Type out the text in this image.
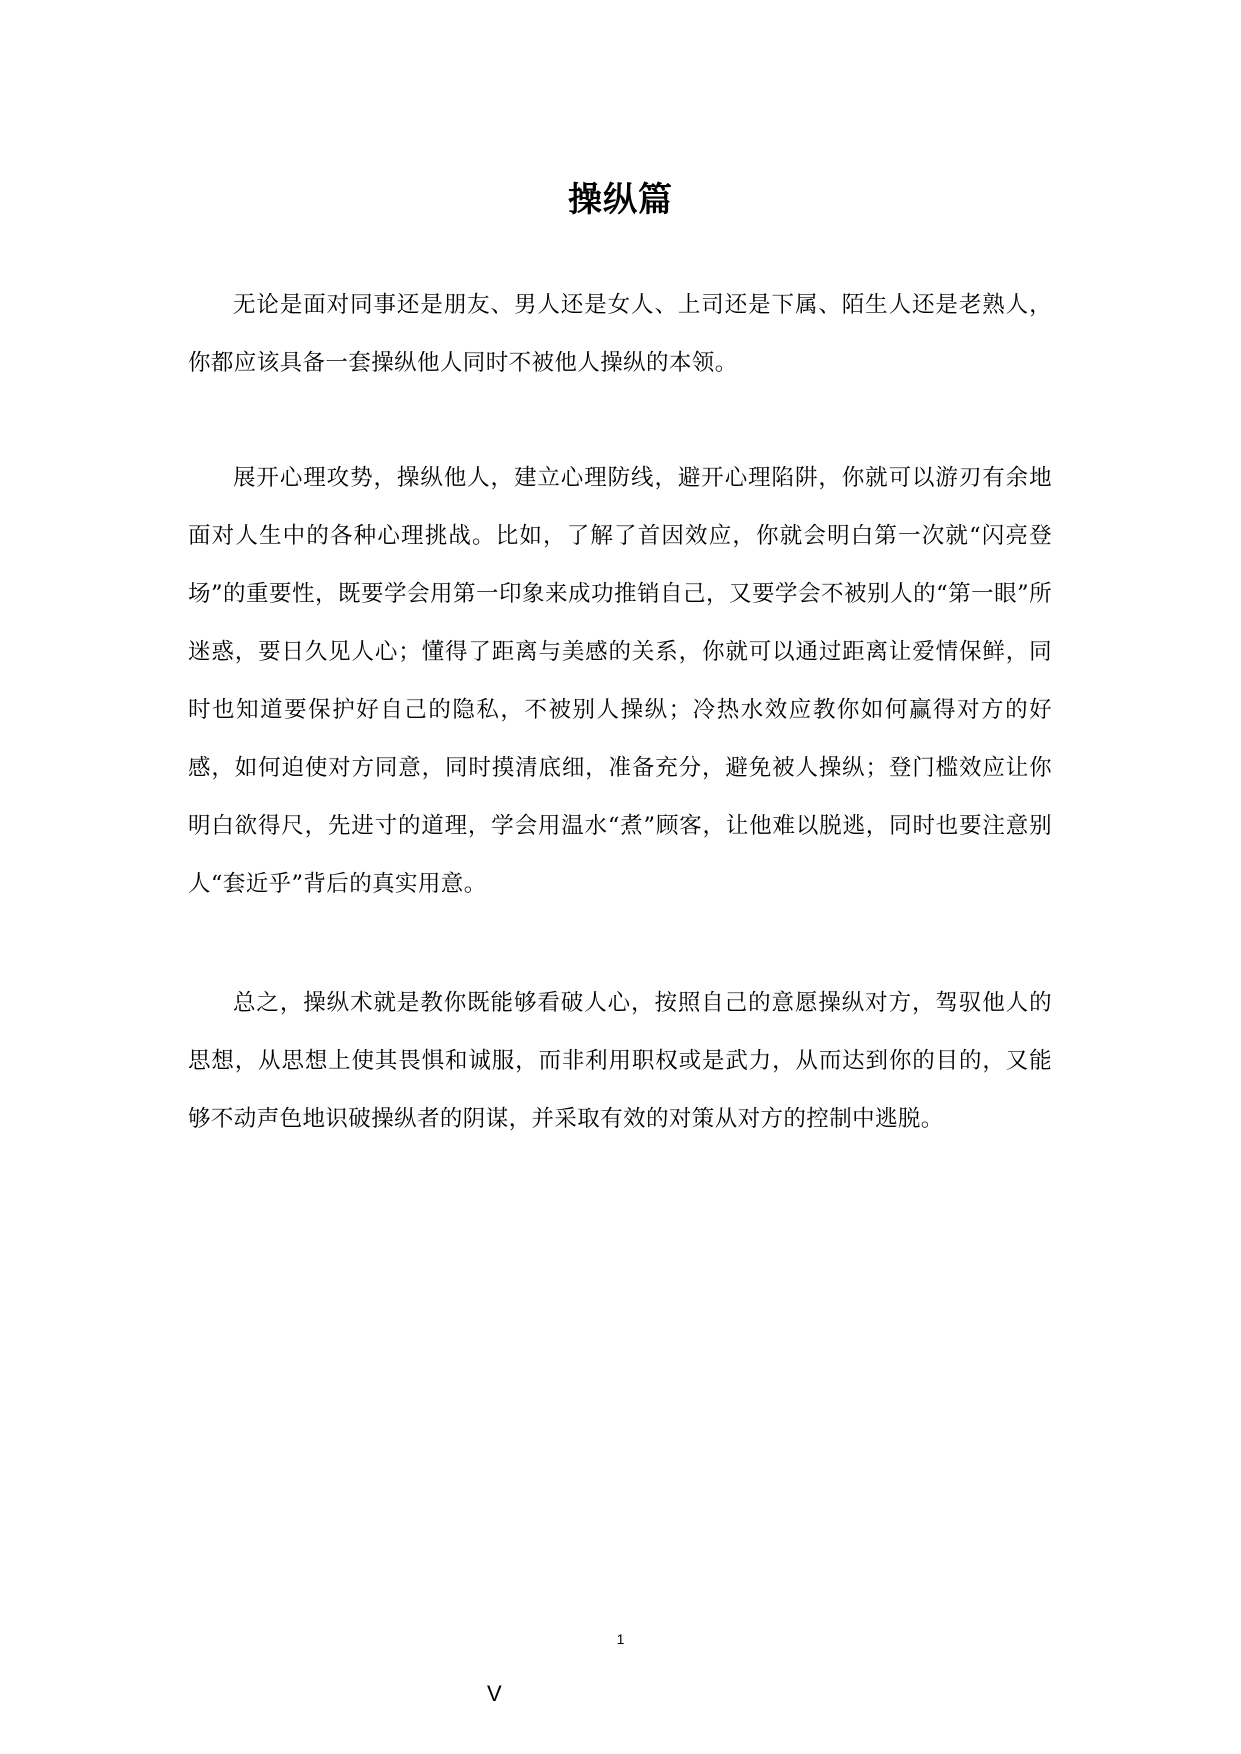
操纵篇

无论是面对同事还是朋友、男人还是女人、上司还是下属、陌生人还是老熟人，你都应该具备一套操纵他人同时不被他人操纵的本领。

展开心理攻势，操纵他人，建立心理防线，避开心理陷阱，你就可以游刃有余地面对人生中的各种心理挑战。比如，了解了首因效应，你就会明白第一次就“闪亮登场”的重要性，既要学会用第一印象来成功推销自己，又要学会不被别人的“第一眼”所迷惑，要日久见人心；懂得了距离与美感的关系，你就可以通过距离让爱情保鲜，同时也知道要保护好自己的隐私，不被别人操纵；冷热水效应教你如何赢得对方的好感，如何迫使对方同意，同时摸清底细，准备充分，避免被人操纵；登门槛效应让你明白欲得尺，先进寸的道理，学会用温水“煮”顾客，让他难以脱逃，同时也要注意别人“套近乎”背后的真实用意。

总之，操纵术就是教你既能够看破人心，按照自己的意愿操纵对方，驾驭他人的思想，从思想上使其畏惧和诚服，而非利用职权或是武力，从而达到你的目的，又能够不动声色地识破操纵者的阴谋，并采取有效的对策从对方的控制中逃脱。

1
V
